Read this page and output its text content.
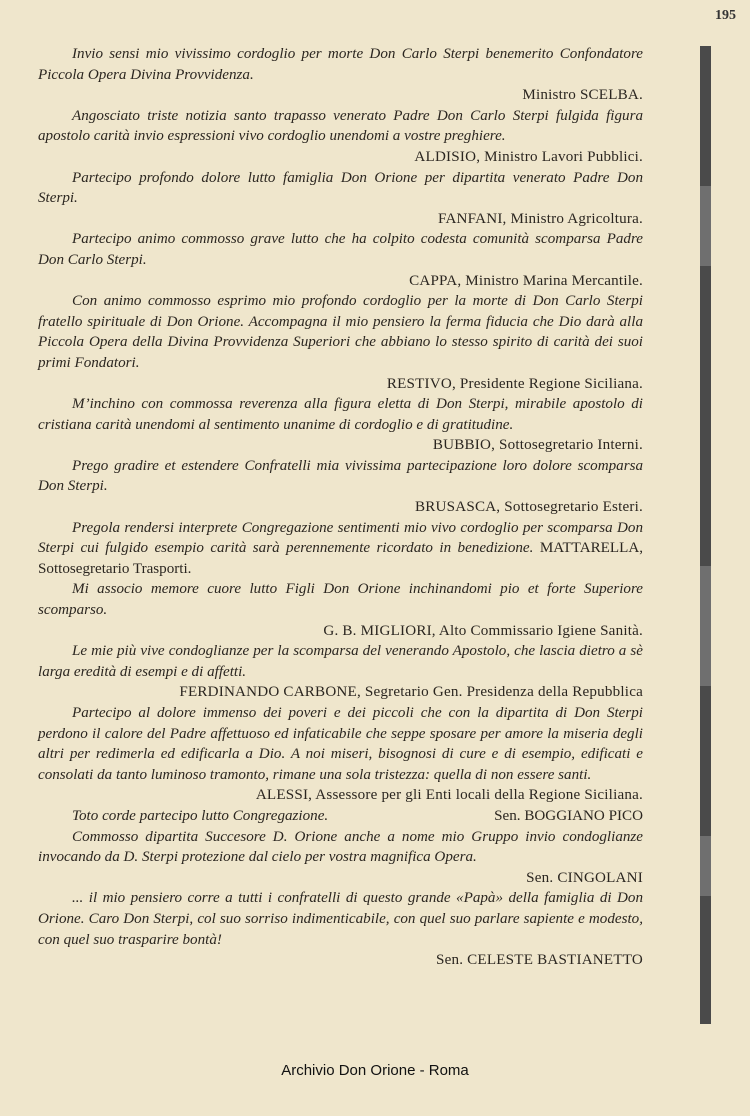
195

Invio sensi mio vivissimo cordoglio per morte Don Carlo Sterpi benemerito Confondatore Piccola Opera Divina Provvidenza.

Ministro SCELBA.

Angosciato triste notizia santo trapasso venerato Padre Don Carlo Sterpi fulgida figura apostolo carità invio espressioni vivo cordoglio unendomi a vostre preghiere.

ALDISIO, Ministro Lavori Pubblici.

Partecipo profondo dolore lutto famiglia Don Orione per dipartita venerato Padre Don Sterpi.

FANFANI, Ministro Agricoltura.

Partecipo animo commosso grave lutto che ha colpito codesta comunità scomparsa Padre Don Carlo Sterpi.

CAPPA, Ministro Marina Mercantile.

Con animo commosso esprimo mio profondo cordoglio per la morte di Don Carlo Sterpi fratello spirituale di Don Orione. Accompagna il mio pensiero la ferma fiducia che Dio darà alla Piccola Opera della Divina Provvidenza Superiori che abbiano lo stesso spirito di carità dei suoi primi Fondatori.

RESTIVO, Presidente Regione Siciliana.

M’inchino con commossa reverenza alla figura eletta di Don Sterpi, mirabile apostolo di cristiana carità unendomi al sentimento unanime di cordoglio e di gratitudine.

BUBBIO, Sottosegretario Interni.

Prego gradire et estendere Confratelli mia vivissima partecipazione loro dolore scomparsa Don Sterpi.

BRUSASCA, Sottosegretario Esteri.

Pregola rendersi interprete Congregazione sentimenti mio vivo cordoglio per scomparsa Don Sterpi cui fulgido esempio carità sarà perennemente ricordato in benedizione. MATTARELLA, Sottosegretario Trasporti.

Mi associo memore cuore lutto Figli Don Orione inchinandomi pio et forte Superiore scomparso.

G. B. MIGLIORI, Alto Commissario Igiene Sanità.

Le mie più vive condoglianze per la scomparsa del venerando Apostolo, che lascia dietro a sè larga eredità di esempi e di affetti.

FERDINANDO CARBONE, Segretario Gen. Presidenza della Repubblica

Partecipo al dolore immenso dei poveri e dei piccoli che con la dipartita di Don Sterpi perdono il calore del Padre affettuoso ed infaticabile che seppe sposare per amore la miseria degli altri per redimerla ed edificarla a Dio. A noi miseri, bisognosi di cure e di esempio, edificati e consolati da tanto luminoso tramonto, rimane una sola tristezza: quella di non essere santi.

ALESSI, Assessore per gli Enti locali della Regione Siciliana.

Toto corde partecipo lutto Congregazione.	Sen. BOGGIANO PICO

Commosso dipartita Succesore D. Orione anche a nome mio Gruppo invio condoglianze invocando da D. Sterpi protezione dal cielo per vostra magnifica Opera.

Sen. CINGOLANI

... il mio pensiero corre a tutti i confratelli di questo grande «Papà» della famiglia di Don Orione. Caro Don Sterpi, col suo sorriso indimenticabile, con quel suo parlare sapiente e modesto, con quel suo trasparire bontà!

Sen. CELESTE BASTIANETTO

Archivio Don Orione - Roma
